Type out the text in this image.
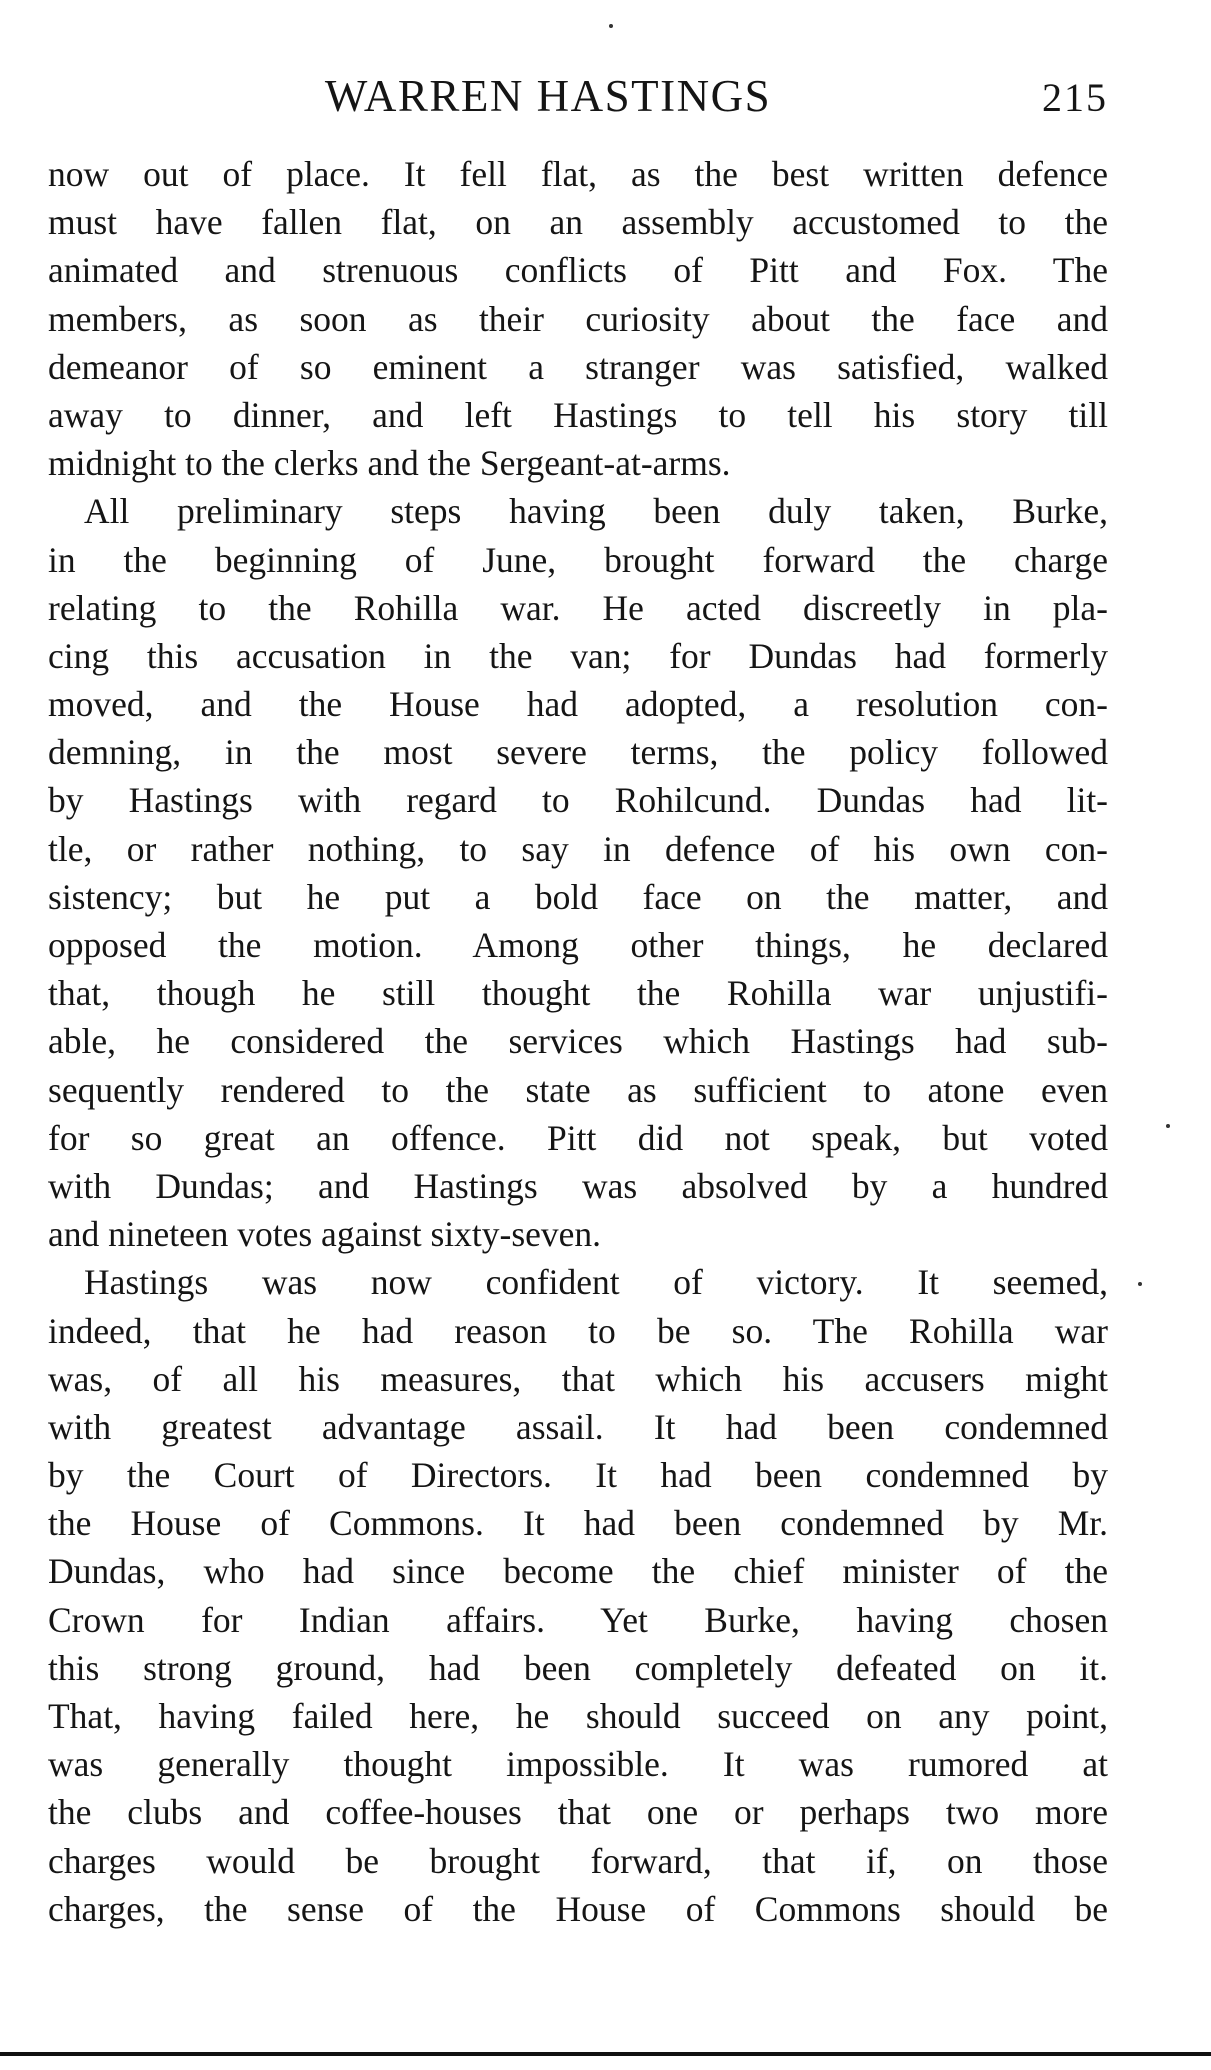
WARREN HASTINGS	215
now out of place. It fell flat, as the best written defence
must have fallen flat, on an assembly accustomed to the
animated and strenuous conflicts of Pitt and Fox. The
members, as soon as their curiosity about the face and
demeanor of so eminent a stranger was satisfied, walked
away to dinner, and left Hastings to tell his story till
midnight to the clerks and the Sergeant-at-arms.
All preliminary steps having been duly taken, Burke,
in the beginning of June, brought forward the charge
relating to the Rohilla war. He acted discreetly in pla-
cing this accusation in the van; for Dundas had formerly
moved, and the House had adopted, a resolution con-
demning, in the most severe terms, the policy followed
by Hastings with regard to Rohilcund. Dundas had lit-
tle, or rather nothing, to say in defence of his own con-
sistency; but he put a bold face on the matter, and
opposed the motion. Among other things, he declared
that, though he still thought the Rohilla war unjustifi-
able, he considered the services which Hastings had sub-
sequently rendered to the state as sufficient to atone even
for so great an offence. Pitt did not speak, but voted
with Dundas; and Hastings was absolved by a hundred
and nineteen votes against sixty-seven.
Hastings was now confident of victory. It seemed,
indeed, that he had reason to be so. The Rohilla war
was, of all his measures, that which his accusers might
with greatest advantage assail. It had been condemned
by the Court of Directors. It had been condemned by
the House of Commons. It had been condemned by Mr.
Dundas, who had since become the chief minister of the
Crown for Indian affairs. Yet Burke, having chosen
this strong ground, had been completely defeated on it.
That, having failed here, he should succeed on any point,
was generally thought impossible. It was rumored at
the clubs and coffee-houses that one or perhaps two more
charges would be brought forward, that if, on those
charges, the sense of the House of Commons should be
